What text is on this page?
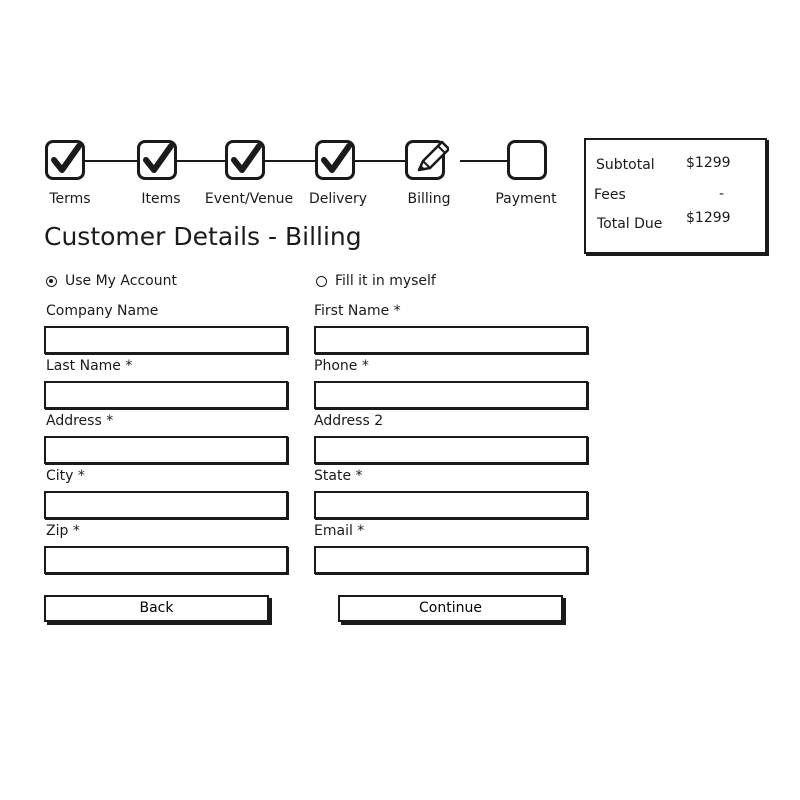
Terms	Items	Event/Venue	Delivery	Billing	Payment
Subtotal $1299
Fees	-
Total Due $1299
Customer Details - Billing
Use My Account	Fill it in myself
Company Name	First Name *
Last Name *	Phone *
Address *	Address 2
City *	State *
Zip *	Email *
Back	Continue
